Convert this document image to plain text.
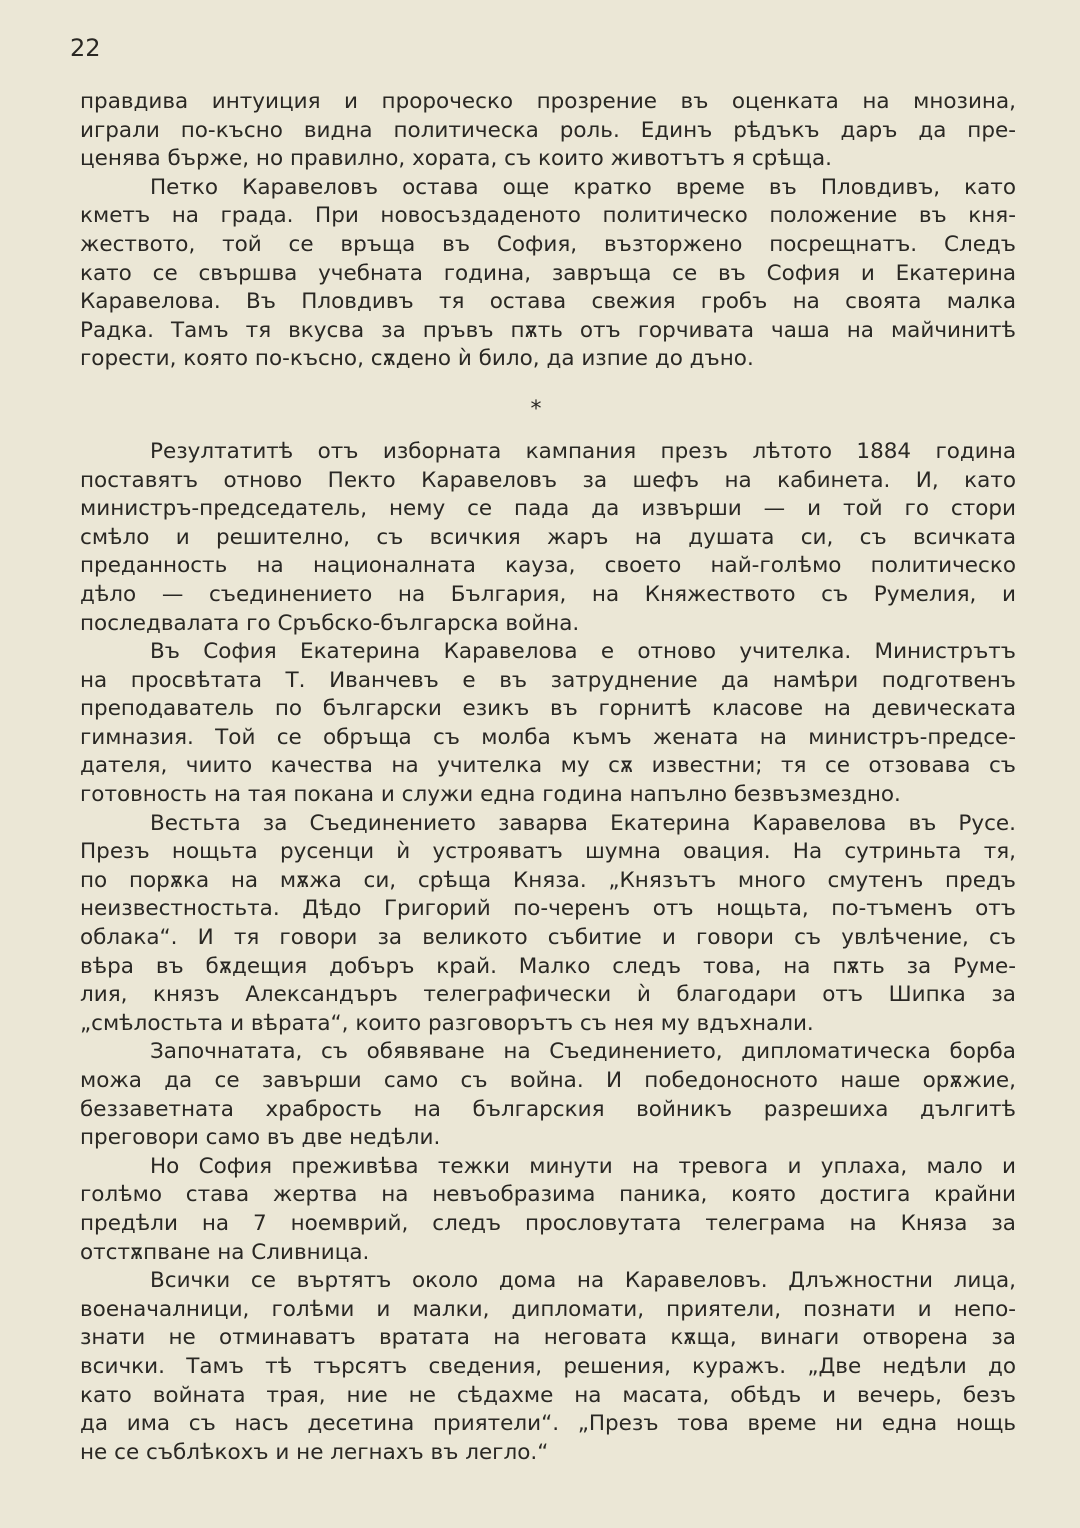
22
правдива интуиция и пророческо прозрение въ оценката на мнозина,
играли по-късно видна политическа роль. Единъ рѣдъкъ даръ да пре-
ценява бърже, но правилно, хората, съ които животътъ я срѣща.
Петко Каравеловъ остава още кратко време въ Пловдивъ, като
кметъ на града. При новосъздаденото политическо положение въ кня-
жеството, той се връща въ София, възторжено посрещнатъ. Следъ
като се свършва учебната година, завръща се въ София и Екатерина
Каравелова. Въ Пловдивъ тя остава свежия гробъ на своята малка
Радка. Тамъ тя вкусва за пръвъ пѫть отъ горчивата чаша на майчинитѣ
горести, която по-късно, сѫдено ѝ било, да изпие до дъно.
*
Резултатитѣ отъ изборната кампания презъ лѣтото 1884 година
поставятъ отново Пекто Каравеловъ за шефъ на кабинета. И, като
министръ-председатель, нему се пада да извърши — и той го стори
смѣло и решително, съ всичкия жаръ на душата си, съ всичката
преданность на националната кауза, своето най-голѣмо политическо
дѣло — съединението на България, на Княжеството съ Румелия, и
последвалата го Сръбско-българска война.
Въ София Екатерина Каравелова е отново учителка. Министрътъ
на просвѣтата Т. Иванчевъ е въ затруднение да намѣри подготвенъ
преподаватель по български езикъ въ горнитѣ класове на девическата
гимназия. Той се обръща съ молба къмъ жената на министръ-предсе-
дателя, чиито качества на учителка му сѫ известни; тя се отзовава съ
готовность на тая покана и служи една година напълно безвъзмездно.
Вестьта за Съединението заварва Екатерина Каравелова въ Русе.
Презъ нощьта русенци ѝ устрояватъ шумна овация. На сутриньта тя,
по порѫка на мѫжа си, срѣща Княза. „Князътъ много смутенъ предъ
неизвестностьта. Дѣдо Григорий по-черенъ отъ нощьта, по-тъменъ отъ
облака“. И тя говори за великото събитие и говори съ увлѣчение, съ
вѣра въ бѫдещия добъръ край. Малко следъ това, на пѫть за Руме-
лия, князъ Александъръ телеграфически ѝ благодари отъ Шипка за
„смѣлостьта и вѣрата“, които разговорътъ съ нея му вдъхнали.
Започнатата, съ обявяване на Съединението, дипломатическа борба
можа да се завърши само съ война. И победоносното наше орѫжие,
беззаветната храбрость на българския войникъ разрешиха дългитѣ
преговори само въ две недѣли.
Но София преживѣва тежки минути на тревога и уплаха, мало и
голѣмо става жертва на невъобразима паника, която достига крайни
предѣли на 7 ноемврий, следъ прословутата телеграма на Княза за
отстѫпване на Сливница.
Всички се въртятъ около дома на Каравеловъ. Длъжностни лица,
военачалници, голѣми и малки, дипломати, приятели, познати и непо-
знати не отминаватъ вратата на неговата кѫща, винаги отворена за
всички. Тамъ тѣ търсятъ сведения, решения, куражъ. „Две недѣли до
като войната трая, ние не сѣдахме на масата, обѣдъ и вечерь, безъ
да има съ насъ десетина приятели“. „Презъ това време ни една нощь
не се съблѣкохъ и не легнахъ въ легло.“
